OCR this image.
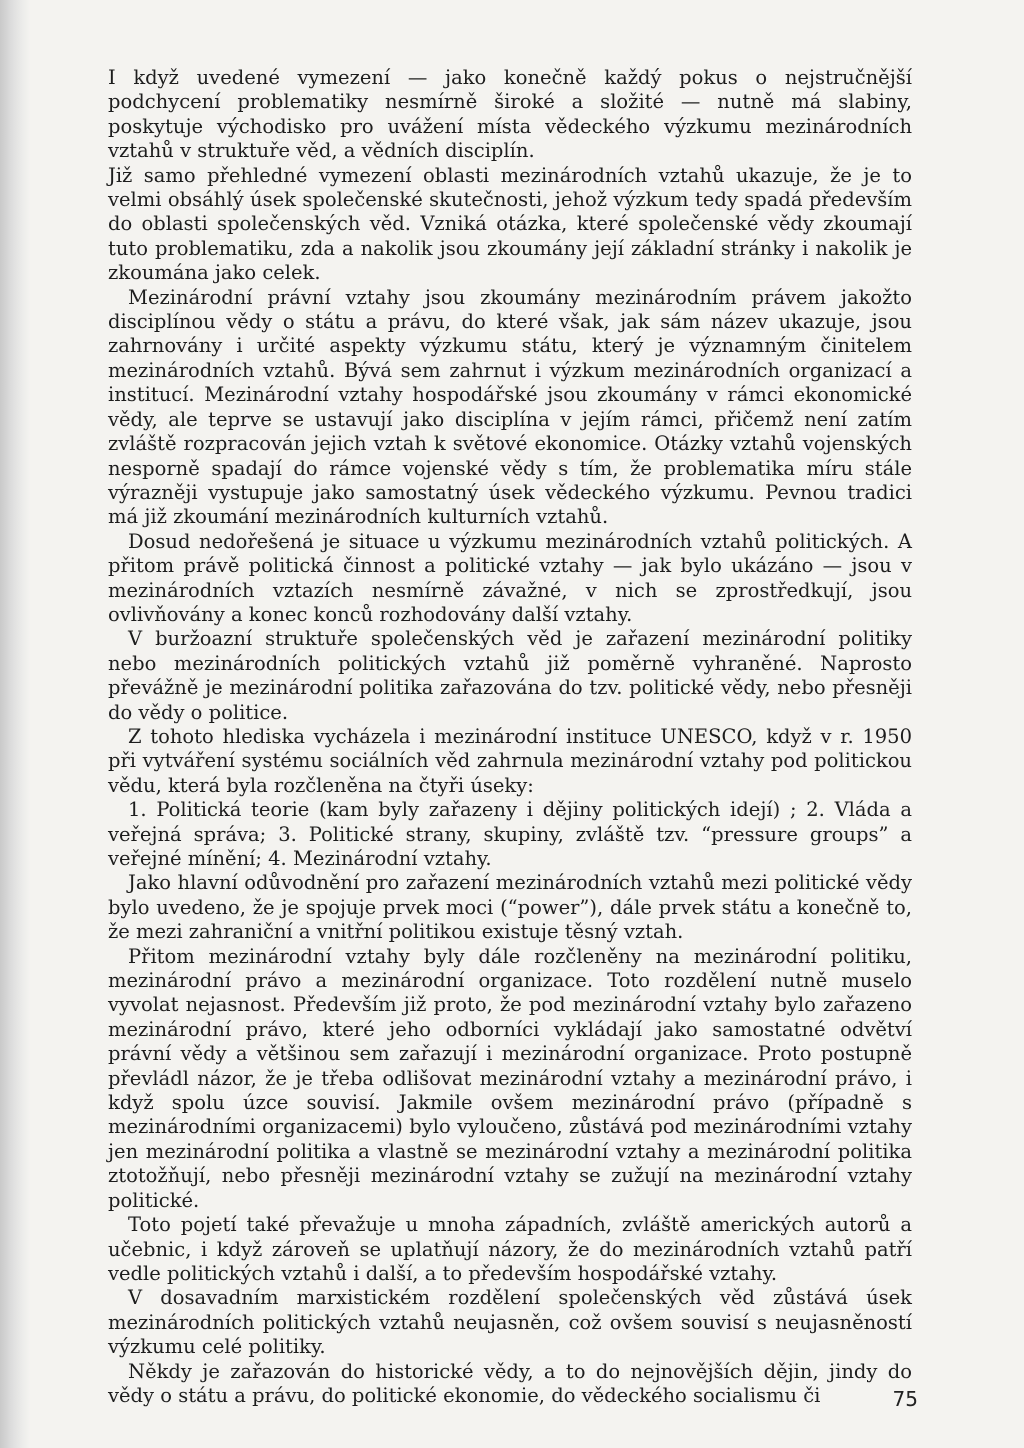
I když uvedené vymezení — jako konečně každý pokus o nejstručnější podchycení problematiky nesmírně široké a složité — nutně má slabiny, poskytuje východisko pro uvážení místa vědeckého výzkumu mezinárodních vztahů v struktuře věd, a vědních disciplín.

Již samo přehledné vymezení oblasti mezinárodních vztahů ukazuje, že je to velmi obsáhlý úsek společenské skutečnosti, jehož výzkum tedy spadá především do oblasti společenských věd. Vzniká otázka, které společenské vědy zkoumají tuto problematiku, zda a nakolik jsou zkoumány její základní stránky i nakolik je zkoumána jako celek.

Mezinárodní právní vztahy jsou zkoumány mezinárodním právem jakožto disciplínou vědy o státu a právu, do které však, jak sám název ukazuje, jsou zahrnovány i určité aspekty výzkumu státu, který je významným činitelem mezinárodních vztahů. Bývá sem zahrnut i výzkum mezinárodních organizací a institucí. Mezinárodní vztahy hospodářské jsou zkoumány v rámci ekonomické vědy, ale teprve se ustavují jako disciplína v jejím rámci, přičemž není zatím zvláště rozpracován jejich vztah k světové ekonomice. Otázky vztahů vojenských nesporně spadají do rámce vojenské vědy s tím, že problematika míru stále výrazněji vystupuje jako samostatný úsek vědeckého výzkumu. Pevnou tradici má již zkoumání mezinárodních kulturních vztahů.

Dosud nedořešená je situace u výzkumu mezinárodních vztahů politických. A přitom právě politická činnost a politické vztahy — jak bylo ukázáno — jsou v mezinárodních vztazích nesmírně závažné, v nich se zprostředkují, jsou ovlivňovány a konec konců rozhodovány další vztahy.

V buržoazní struktuře společenských věd je zařazení mezinárodní politiky nebo mezinárodních politických vztahů již poměrně vyhraněné. Naprosto převážně je mezinárodní politika zařazována do tzv. politické vědy, nebo přesněji do vědy o politice.

Z tohoto hlediska vycházela i mezinárodní instituce UNESCO, když v r. 1950 při vytváření systému sociálních věd zahrnula mezinárodní vztahy pod politickou vědu, která byla rozčleněna na čtyři úseky:

1. Politická teorie (kam byly zařazeny i dějiny politických idejí) ; 2. Vláda a veřejná správa; 3. Politické strany, skupiny, zvláště tzv. “pressure groups” a veřejné mínění; 4. Mezinárodní vztahy.

Jako hlavní odůvodnění pro zařazení mezinárodních vztahů mezi politické vědy bylo uvedeno, že je spojuje prvek moci (“power”), dále prvek státu a konečně to, že mezi zahraniční a vnitřní politikou existuje těsný vztah.

Přitom mezinárodní vztahy byly dále rozčleněny na mezinárodní politiku, mezinárodní právo a mezinárodní organizace. Toto rozdělení nutně muselo vyvolat nejasnost. Především již proto, že pod mezinárodní vztahy bylo zařazeno mezinárodní právo, které jeho odborníci vykládají jako samostatné odvětví právní vědy a většinou sem zařazují i mezinárodní organizace. Proto postupně převládl názor, že je třeba odlišovat mezinárodní vztahy a mezinárodní právo, i když spolu úzce souvisí. Jakmile ovšem mezinárodní právo (případně s mezinárodními organizacemi) bylo vyloučeno, zůstává pod mezinárodními vztahy jen mezinárodní politika a vlastně se mezinárodní vztahy a mezinárodní politika ztotožňují, nebo přesněji mezinárodní vztahy se zužují na mezinárodní vztahy politické.

Toto pojetí také převažuje u mnoha západních, zvláště amerických autorů a učebnic, i když zároveň se uplatňují názory, že do mezinárodních vztahů patří vedle politických vztahů i další, a to především hospodářské vztahy.

V dosavadním marxistickém rozdělení společenských věd zůstává úsek mezinárodních politických vztahů neujasněn, což ovšem souvisí s neujasněností výzkumu celé politiky.

Někdy je zařazován do historické vědy, a to do nejnovějších dějin, jindy do vědy o státu a právu, do politické ekonomie, do vědeckého socialismu či	75
